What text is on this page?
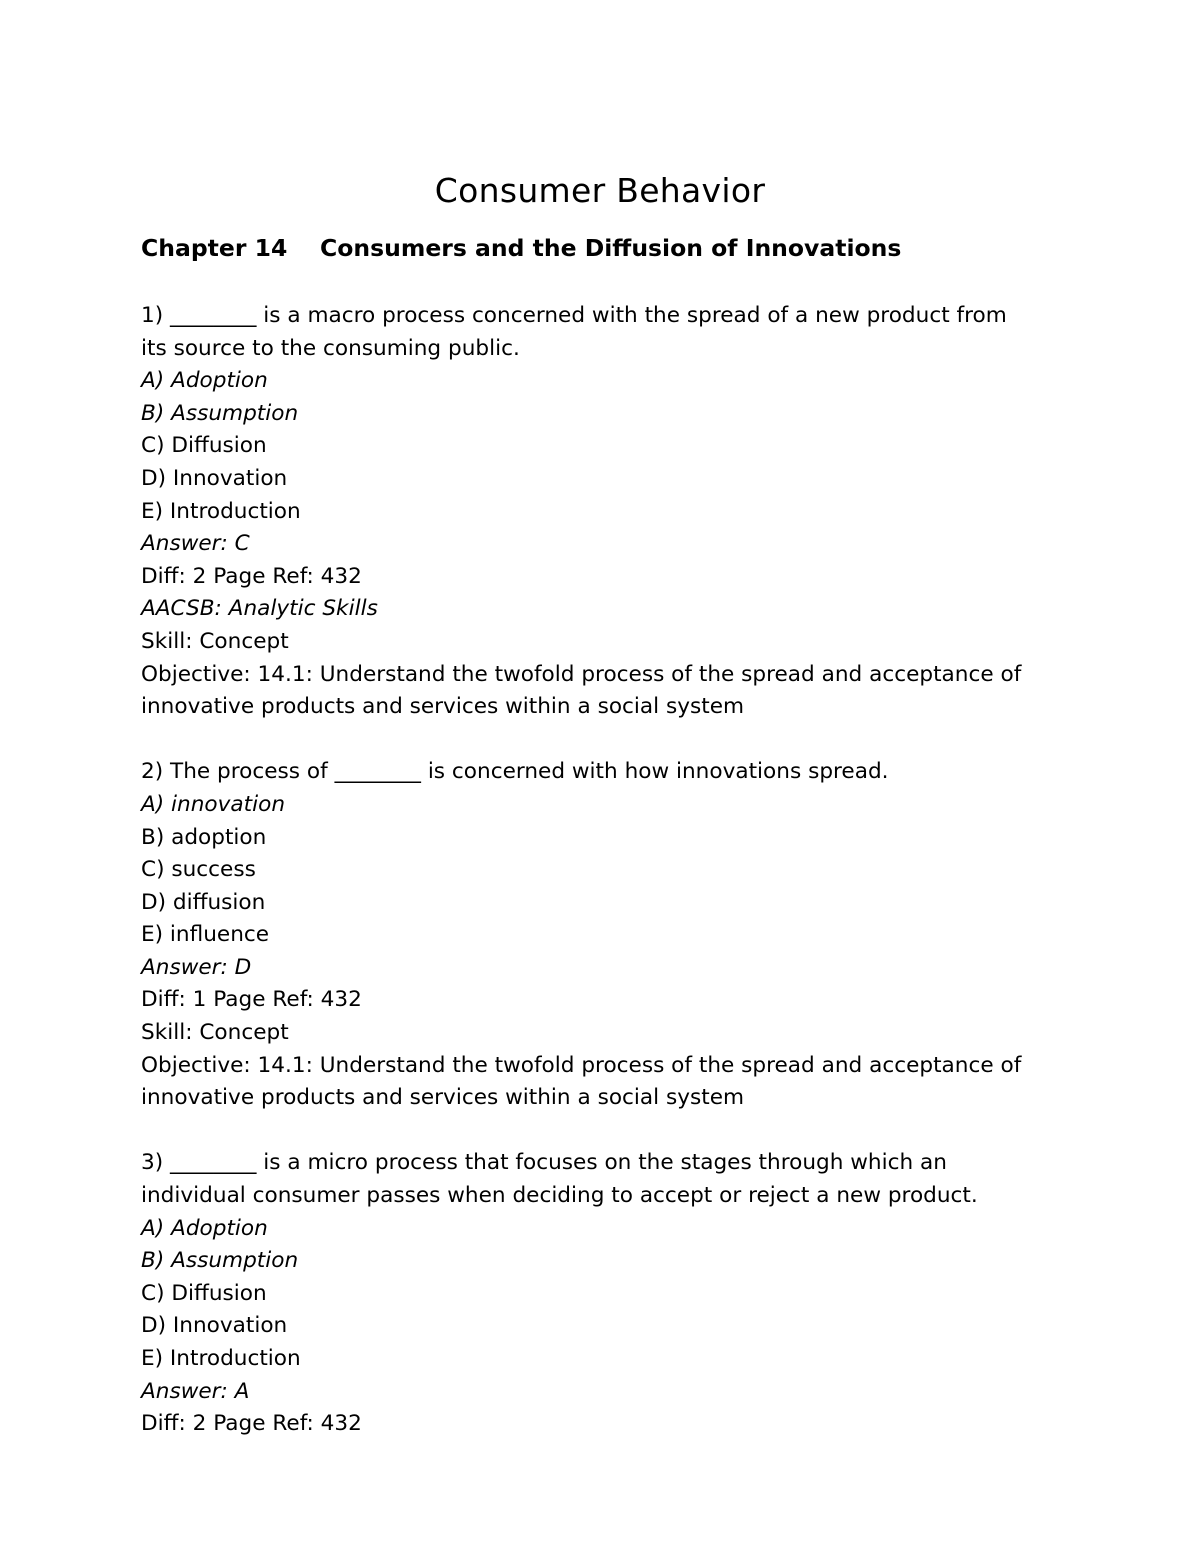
Consumer Behavior
Chapter 14    Consumers and the Diffusion of Innovations
1) ________ is a macro process concerned with the spread of a new product from
its source to the consuming public.
A) Adoption
B) Assumption
C) Diffusion
D) Innovation
E) Introduction
Answer: C
Diff: 2 Page Ref: 432
AACSB: Analytic Skills
Skill: Concept
Objective: 14.1: Understand the twofold process of the spread and acceptance of
innovative products and services within a social system
2) The process of ________ is concerned with how innovations spread.
A) innovation
B) adoption
C) success
D) diffusion
E) influence
Answer: D
Diff: 1 Page Ref: 432
Skill: Concept
Objective: 14.1: Understand the twofold process of the spread and acceptance of
innovative products and services within a social system
3) ________ is a micro process that focuses on the stages through which an
individual consumer passes when deciding to accept or reject a new product.
A) Adoption
B) Assumption
C) Diffusion
D) Innovation
E) Introduction
Answer: A
Diff: 2 Page Ref: 432
